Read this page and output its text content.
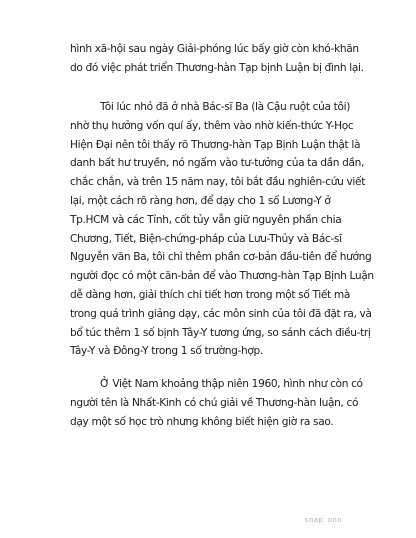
hình xã-hội sau ngày Giải-phóng lúc bấy giờ còn khó-khăn
do đó việc phát triển Thương-hàn Tạp bịnh Luận bị đình lại.
Tôi lúc nhỏ đã ở nhà Bác-sĩ Ba (là Cậu ruột của tôi)
nhờ thụ hưởng vốn quí ấy, thêm vào nhờ kiến-thức Y-Học
Hiện Đại nên tôi thấy rõ Thương-hàn Tạp Bịnh Luận thật là
danh bất hư truyền, nó ngấm vào tư-tưởng của ta dần dần,
chắc chắn, và trên 15 năm nay, tôi bắt đầu nghiên-cứu viết
lại, một cách rõ ràng hơn, để dạy cho 1 số Lương-Y ở
Tp.HCM và các Tỉnh, cốt tủy vẫn giữ nguyên phần chia
Chương, Tiết, Biện-chứng-pháp của Lưu-Thủy và Bác-sĩ
Nguyễn văn Ba, tôi chỉ thêm phần cơ-bản đầu-tiên để hướng
người đọc có một căn-bản để vào Thương-hàn Tạp Bịnh Luận
dễ dàng hơn, giải thích chi tiết hơn trong một số Tiết mà
trong quá trình giảng dạy, các môn sinh của tôi đã đặt ra, và
bổ túc thêm 1 số bịnh Tây-Y tương ứng, so sánh cách điều-trị
Tây-Y và Đông-Y trong 1 số trường-hợp.
Ở Việt Nam khoảng thập niên 1960, hình như còn có
người tên là Nhất-Kinh có chú giải về Thương-hàn luận, có
dạy một số học trò nhưng không biết hiện giờ ra sao.
snap ono
